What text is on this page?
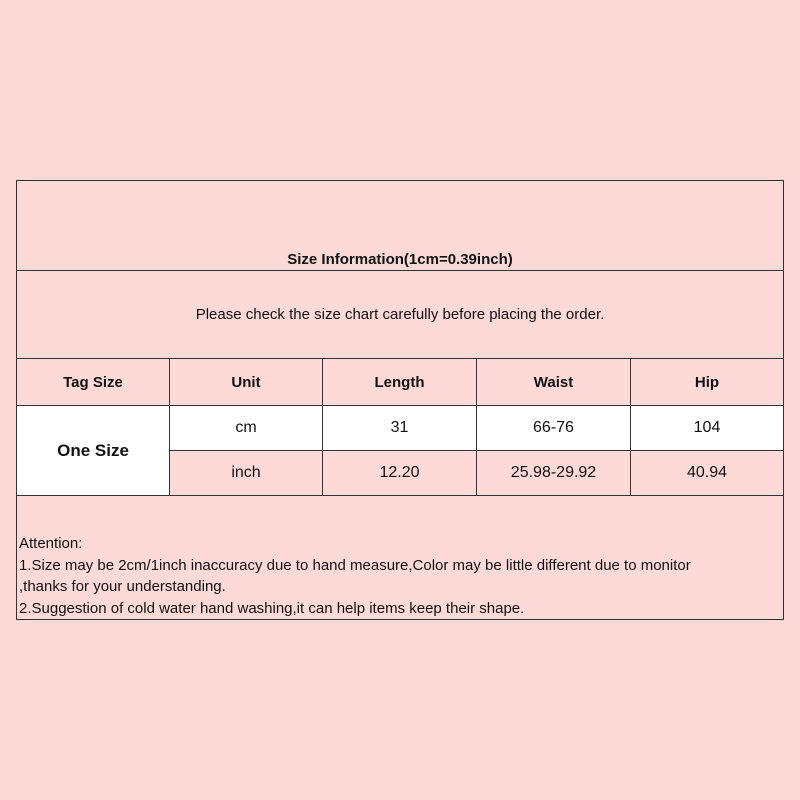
Size Information(1cm=0.39inch)
Please check the size chart carefully before placing the order.
Tag Size	Unit	Length	Waist	Hip
One Size
cm	31	66-76	104
inch	12.20	25.98-29.92	40.94
Attention:
1.Size may be 2cm/1inch inaccuracy due to hand measure,Color may be little different due to monitor
,thanks for your understanding.
2.Suggestion of cold water hand washing,it can help items keep their shape.
